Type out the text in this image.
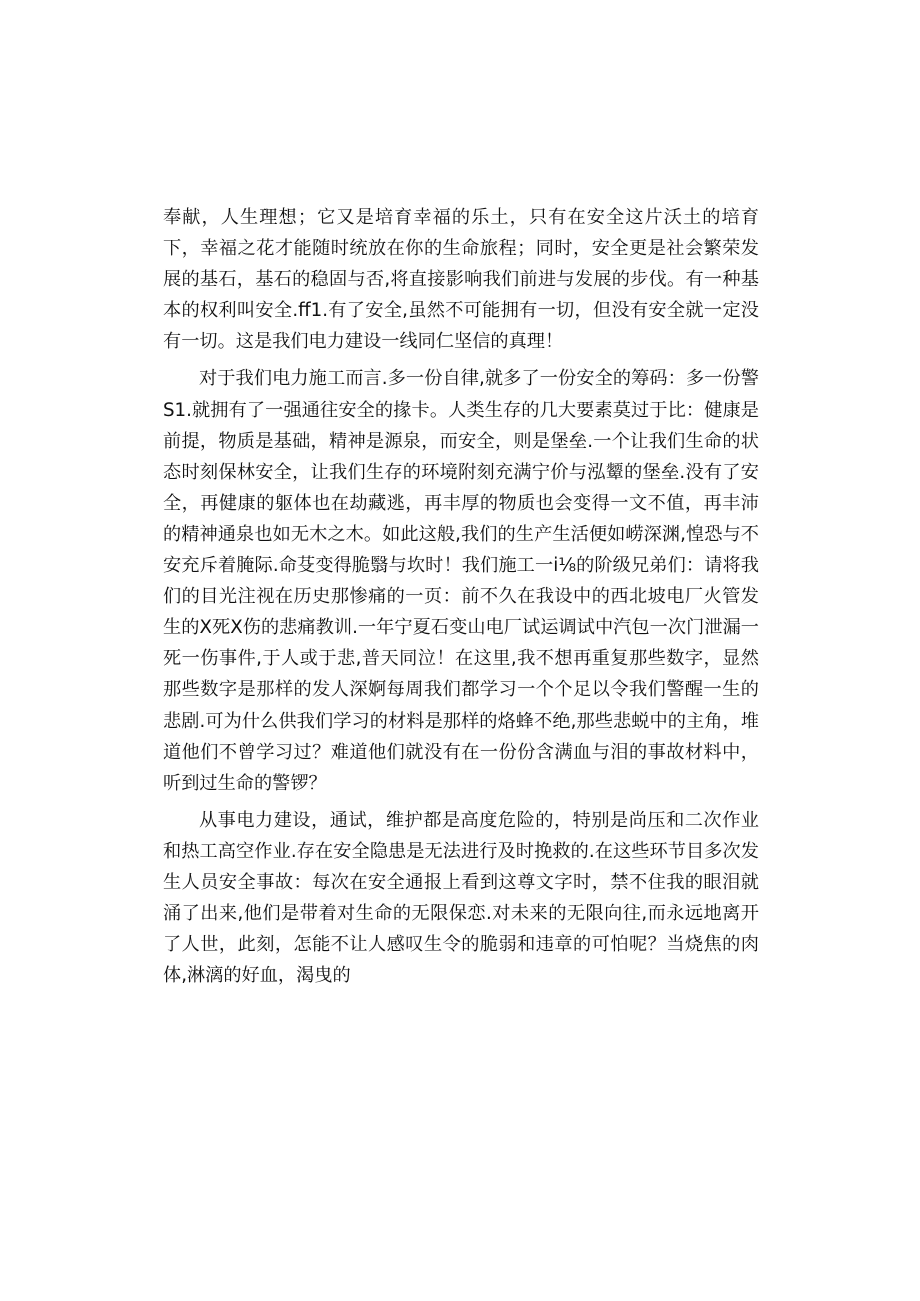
奉献，人生理想；它又是培育幸福的乐土，只有在安全这片沃土的培育下，幸福之花才能随时统放在你的生命旅程；同时，安全更是社会繁荣发展的基石，基石的稳固与否,将直接影响我们前进与发展的步伐。有一种基本的权利叫安全.ff1.有了安全,虽然不可能拥有一切，但没有安全就一定没有一切。这是我们电力建设一线同仁坚信的真理！

对于我们电力施工而言.多一份自律,就多了一份安全的筹码：多一份警S1.就拥有了一强通往安全的掾卡。人类生存的几大要素莫过于比：健康是前提，物质是基础，精神是源泉，而安全，则是堡垒.一个让我们生命的状态时刻保林安全，让我们生存的环境附刻充满宁价与泓颦的堡垒.没有了安全，再健康的躯体也在劫藏逃，再丰厚的物质也会变得一文不值，再丰沛的精神通泉也如无木之木。如此这般,我们的生产生活便如崂深渊,惶恐与不安充斥着腌际.命芟变得脆翳与坎时！我们施工一i⅛的阶级兄弟们：请将我们的目光注视在历史那惨痛的一页：前不久在我设中的西北坡电厂火管发生的X死X伤的悲痛教训.一年宁夏石变山电厂试运调试中汽包一次门泄漏一死一伤事件,于人或于悲,普天同泣！在这里,我不想再重复那些数字，显然那些数字是那样的发人深婀每周我们都学习一个个足以令我们警醒一生的悲剧.可为什么供我们学习的材料是那样的烙蜂不绝,那些悲蜕中的主角，堆道他们不曾学习过？难道他们就没有在一份份含满血与泪的事故材料中，听到过生命的警锣？

从事电力建设，通试，维护都是高度危险的，特别是尚压和二次作业和热工高空作业.存在安全隐患是无法进行及时挽救的.在这些环节目多次发生人员安全事故：每次在安全通报上看到这尊文字时，禁不住我的眼泪就涌了出来,他们是带着对生命的无限保恋.对未来的无限向往,而永远地离开了人世，此刻，怎能不让人感叹生令的脆弱和违章的可怕呢？当烧焦的肉体,淋漓的好血，渴曳的
